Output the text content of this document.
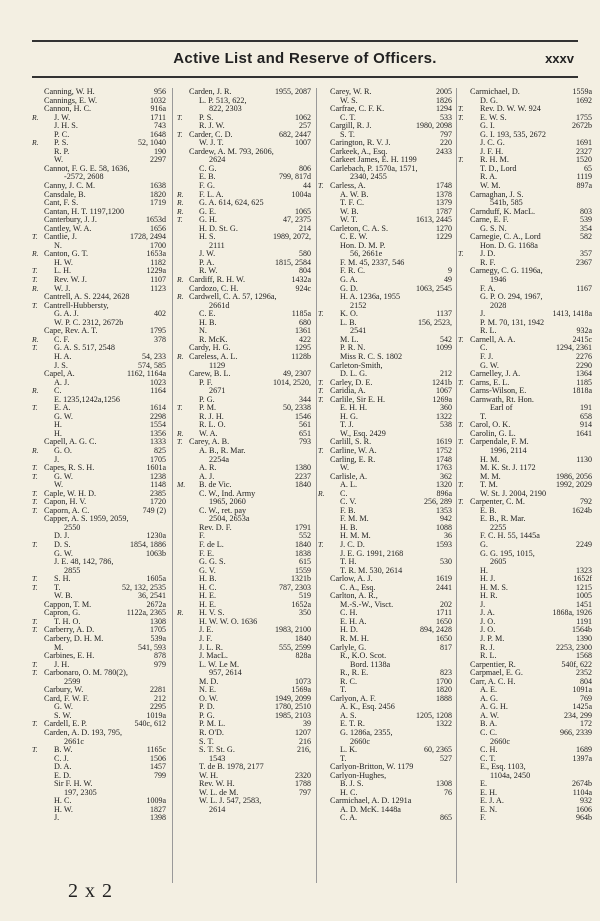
Active List and Reserve of Officers.	xxxv
Canning, W. H.	956
Cannings, E. W.	1032
Cannon, H. C.	916a
R. J. W.	1711
J. H. S.	743
P. C.	1648
R. P. S.	52, 1040
R. P.	190
W.	2297
Cannot, F. G. E. 58, 1636,
-2572, 2608
Canny, J. C. M.	1638
Cansdale, B.	1820
Cant, F. S.	1719
Cantan, H. T. 1197,1200
Canterbury, J. J.	1653d
Cantley, W. A.	1656
T. Cantlie, J.	1728, 2494
N.	1700
R. Canton, G. T.	1653a
H. W.	1182
T. L. H.	1229a
T. Rev. W. J.	1107
R. W. J.	1123
Cantrell, A. S. 2244, 2628
T. Cantrell-Hubbersty,
G. A. J.	402
W. P. C. 2312, 2672b
Cape, Rev. A. T.	1795
R. C. F.	378
T. G. A. S. 517, 2548
H. A.	54, 233
J. S.	574, 585
Capel, A.	1162, 1164a
A. J.	1023
R. C.	1164
E. 1235,1242a,1256
T. E. A.	1614
G. W.	2298
H.	1554
H.	1356
Capell, A. G. C.	1333
R. G. O.	825
J.	1705
T. Capes, R. S. H.	1601a
T. G. W.	1238
W.	1148
T. Caple, W. H. D.	2385
T. Capon, H. V.	1720
T. Caporn, A. C.	749 (2)
Capper, A. S. 1959, 2059,
2550
D. J.	1230a
T. D. S.	1854, 1886
G. W.	1063b
J. E. 48, 142, 786,
2855
T. S. H.	1605a
T. T.	52, 132, 2535
W. B.	36, 2541
Cappon, T. M.	2672a
Capron, G.	1122a, 2365
T. T. H. O.	1308
T. Carberry, A. D.	1705
Carbery, D. H. M.	539a
M.	541, 593
Carbines, E. H.	878
T. J. H.	979
T. Carbonaro, O. M. 780(2),
2599
Carbury, W.	2281
Card, F. W. F.	212
G. W.	2295
S. W.	1019a
T. Cardell, E. P.	540c, 612
Carden, A. D. 193, 795,
2661c
T. B. W.	1165c
C. J.	1506
D. A.	1457
E. D.	799
Sir F. H. W.
197, 2305
H. C.	1009a
H. W.	1827
J.	1398
Carden, J. R.	1955, 2087
L. P. 513, 622,
822, 2303
T. P. S.	1062
R. J. W.	257
T. Carder, C. D.	682, 2447
W. J. T.	1007
Cardew, A. M. 793, 2606,
2624
C. G.	806
E. B.	799, 817d
F. G.	44
R. F. L. A.	1004a
R. G. A. 614, 624, 625
R. G. E.	1065
T. G. H.	47, 2375
H. D. St. G.	214
H. S.	1989, 2072,
2111
J. W.	580
P. A.	1815, 2584
R. W.	804
R. Cardiff, R. H. W.	1432a
Cardozo, C. H.	924c
R. Cardwell, C. A. 57, 1296a,
2661d
C. E.	1185a
H. B.	680
N.	1361
R. McK.	422
Cardy, H. G.	1295
R. Careless, A. L.	1128b
1129
Carew, B. L.	49, 2307
P. F.	1014, 2520,
2671
P. G.	344
T. P. M.	50, 2338
R. J. H.	1546
R. L. O.	561
R. W. A.	651
T. Carey, A. B.	793
A. B., R. Mar.
2254a
A. R.	1380
A. J.	2237
M. B. de Vic.	1840
C. W., Ind. Army
1965, 2060
C. W., ret. pay
2504, 2653a
Rev. D. F.	1791
F.	552
F. de L.	1840
F. E.	1838
G. G. S.	615
G. V.	1559
H. B.	1321b
H. C.	787, 2303
H. E.	519
H. E.	1652a
R. H. V. S.	350
H. W. W. O. 1636
J. E.	1983, 2100
J. F.	1840
J. L. R.	555, 2599
J. MacL.	828a
L. W. Le M.
957, 2614
M. D.	1073
N. E.	1569a
O. W.	1949, 2099
P. D.	1780, 2510
P. G.	1985, 2103
P. M. L.	39
R. O'D.	1207
S. T.	216
S. T. St. G.	216,
1543
T. de B. 1978, 2177
W. H.	2320
Rev. W. H.	1788
W. L. de M.	797
W. L. J. 547, 2583,
2614
Carey, W. R.	2005
W. S.	1826
Carfrae, C. F. K.	1294
C. T.	533
Cargill, R. J.	1980, 2098
S. T.	797
Carington, R. V. J.	220
Carkeek, A., Esq.	2433
Carkeet James, E. H. 1199
Carlebach, P. 1570a, 1571,
2340, 2455
T. Carless, A.	1748
A. W. B.	1378
T. F. C.	1379
W. B.	1787
W. T.	1613, 2445
Carleton, C. A. S.	1270
C. E. W.	1229
Hon. D. M. P.
56, 2661e
F. M. 45, 2337, 546
F. R. C.	9
G. A.	49
G. D.	1063, 2545
H. A. 1236a, 1955
2152
T. K. O.	1137
L. B.	156, 2523,
2541
M. L.	542
P. R. N.	1099
Miss R. C. S. 1802
Carleton-Smith,
D. L. G.	212
T. Carley, D. E.	1241b
T. Caridia, A.	1067
T. Carlile, Sir E. H.	1269a
E. H. H.	360
H. G.	1322
T. J.	538
W., Esq. 2429
Carlill, S. R.	1619
T. Carline, W. A.	1752
Carling, E. R.	1748
W.	1763
Carlisle, A.	362
A. L.	1320
R. C.	896a
C. V.	256, 289
F. B.	1353
F. M. M.	942
H. B.	1088
H. M. M.	36
T. J. C. D.	1593
J. E. G. 1991, 2168
T. H.	530
T. R. M. 530, 2614
Carlow, A. J.	1619
C. A., Esq.	2441
Carlton, A. R.,
M.-S.-W., Visct.	202
C. H.	1711
E. H. A.	1650
H. D.	894, 2428
R. M. H.	1650
Carlyle, G.	817
R., K.O. Scot.
Bord. 1138a
R., R. E.	823
R. C.	1700
T.	1820
Carlyon, A. F.	1888
A. K., Esq. 2456
A. S.	1205, 1208
E. T. R.	1322
G. 1286a, 2355,
2660c
L. K.	60, 2365
T.	527
Carlyon-Britton, W. 1179
Carlyon-Hughes,
B. J. S.	1308
H. C.	76
Carmichael, A. D. 1291a
A. D. McK. 1448a
C. A.	865
Carmichael, D.	1559a
D. G.	1692
T. Rev. D. W. W. 924
T. E. W. S.	1755
G. I.	2672b
G. I. 193, 535, 2672
J. C. G.	1691
J. F. H.	2327
T. R. H. M.	1520
T. D., Lord	65
R. A.	1119
W. M.	897a
Carnaghan, J. S.
541b, 585
Carnduff, K. MacL.	803
Carne, E. F.	539
G. S. N.	354
Carnegie, C. A., Lord	582
Hon. D. G. 1168a
T. J. D.	357
R. F.	2367
Carnegy, C. G. 1196a,
1946
F. A.	1167
G. P. O. 294, 1967,
2028
J.	1413, 1418a
P. M. 70, 131, 1942
R. L.	932a
T. Carnell, A. A.	2415c
C.	1294, 2361
F. J.	2276
G. W.	2290
Carnelley, J. A.	1364
T. Carns, E. L.	1185
Carns-Wilson, E.	1818a
Carnwath, Rt. Hon.
Earl of	191
T.	658
T. Carol, O. K.	914
Carolin, G. L.	1641
T. Carpendale, F. M.
1996, 2114
H. M.	1130
M. K. St. J. 1172
M. M.	1986, 2056
T. T. M.	1992, 2029
W. St. J. 2004, 2190
T. Carpenter, C. M.	792
E. B.	1624b
E. B., R. Mar.
2255
F. C. H. 55, 1445a
G.	2249
G. G. 195, 1015,
2605
H.	1323
H. J.	1652f
H. M. S.	1215
H. R.	1005
J.	1451
J. A.	1868a, 1926
J. O.	1191
J. O.	1564b
J. P. M.	1390
R. J.	2253, 2300
R. L.	1568
Carpentier, R.	540f, 622
Carpmael, E. G.	2352
Carr, A. C. H.	804
A. E.	1091a
A. G.	769
A. G. H.	1425a
A. W.	234, 299
B. A.	172
C. C.	966, 2339
2660c
C. H.	1689
C. T.	1397a
E., Esq. 1103,
1104a, 2450
E.	2674b
E. H.	1104a
E. J. A.	932
E. N.	1606
F.	964b
2 x 2
